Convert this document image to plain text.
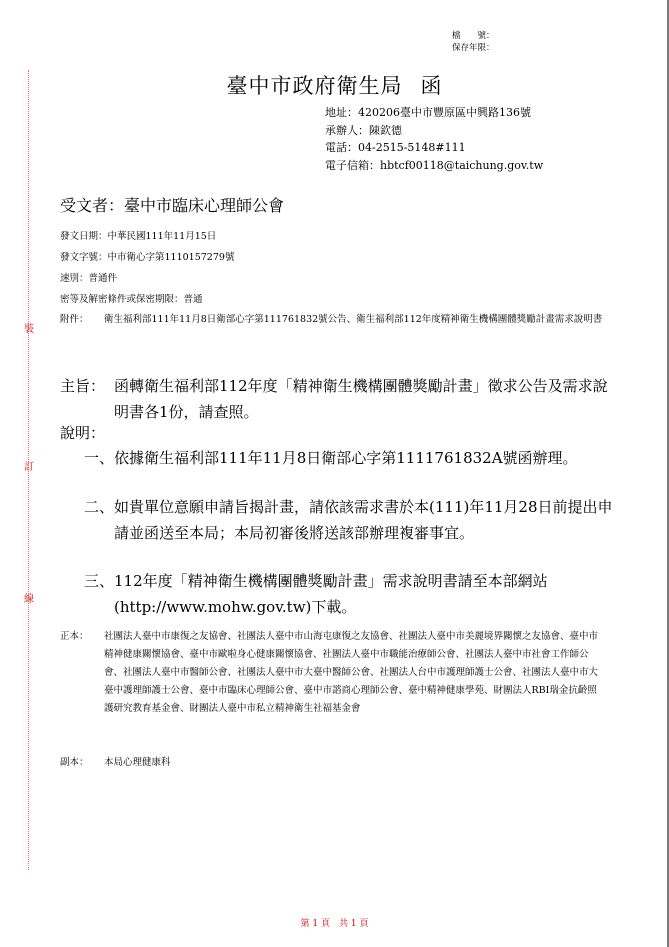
裝
訂
線
檔　　號：
保存年限：
臺中市政府衛生局 函
地址：420206臺中市豐原區中興路136號
承辦人：陳欽德
電話：04-2515-5148#111
電子信箱：hbtcf00118@taichung.gov.tw
受文者：臺中市臨床心理師公會
發文日期：中華民國111年11月15日
發文字號：中市衛心字第1110157279號
速別：普通件
密等及解密條件或保密期限：普通
附件： 衛生福利部111年11月8日衛部心字第111761832號公告、衛生福利部112年度精神衛生機構團體獎勵計畫需求說明書
主旨： 函轉衛生福利部112年度「精神衛生機構團體獎勵計畫」徵求公告及需求說明書各1份，請查照。
說明：
一、 依據衛生福利部111年11月8日衛部心字第1111761832A號函辦理。
二、 如貴單位意願申請旨揭計畫，請依該需求書於本(111)年11月28日前提出申請並函送至本局；本局初審後將送該部辦理複審事宜。
三、 112年度「精神衛生機構團體獎勵計畫」需求說明書請至本部網站(http://www.mohw.gov.tw)下載。
正本： 社團法人臺中市康復之友協會、社團法人臺中市山海屯康復之友協會、社團法人臺中市美麗境界關懷之友協會、臺中市精神健康關懷協會、臺中市歐啦身心健康關懷協會、社團法人臺中市職能治療師公會、社團法人臺中市社會工作師公會、社團法人臺中市醫師公會、社團法人臺中市大臺中醫師公會、社團法人台中市護理師護士公會、社團法人臺中市大臺中護理師護士公會、臺中市臨床心理師公會、臺中市諮商心理師公會、臺中精神健康學苑、財團法人RBI瑞金抗齡照護研究教育基金會、財團法人臺中市私立精神衛生社福基金會
副本： 本局心理健康科
第 1 頁　共 1 頁
